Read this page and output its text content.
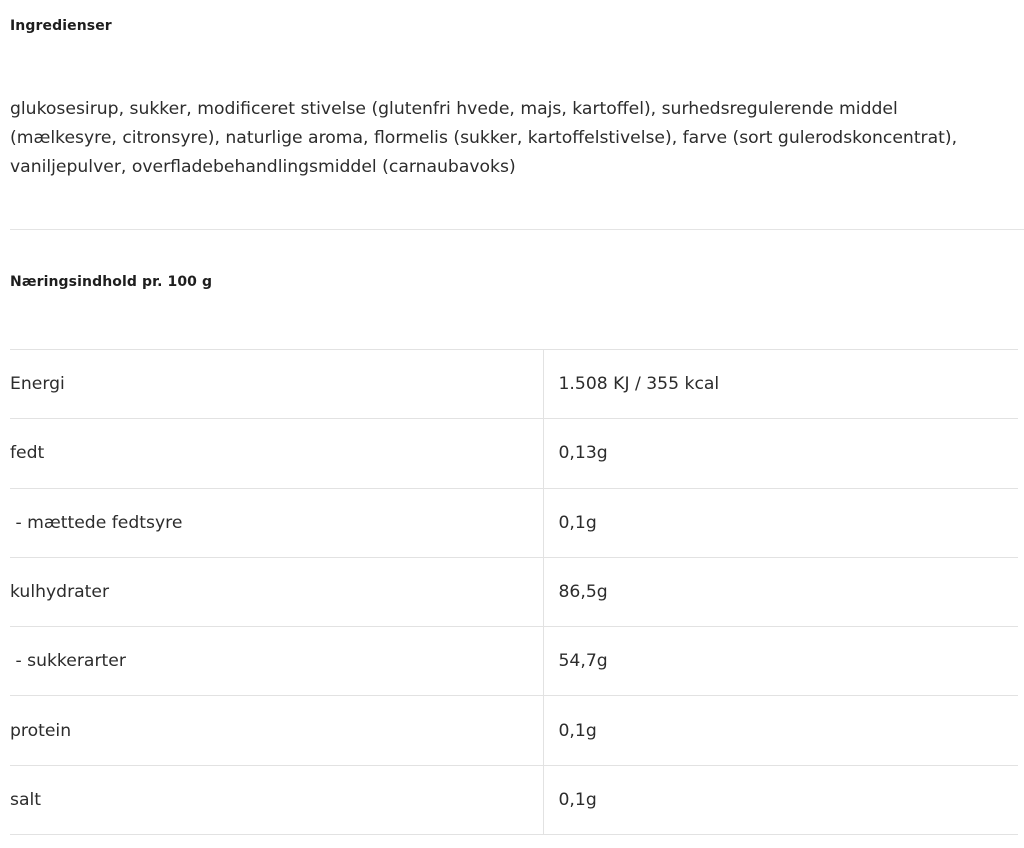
Ingredienser

glukosesirup, sukker, modificeret stivelse (glutenfri hvede, majs, kartoffel), surhedsregulerende middel (mælkesyre, citronsyre), naturlige aroma, flormelis (sukker, kartoffelstivelse), farve (sort gulerodskoncentrat), vaniljepulver, overfladebehandlingsmiddel (carnaubavoks)

Næringsindhold pr. 100 g
Energi	1.508 KJ / 355 kcal
fedt	0,13g
- mættede fedtsyre	0,1g
kulhydrater	86,5g
- sukkerarter	54,7g
protein	0,1g
salt	0,1g
